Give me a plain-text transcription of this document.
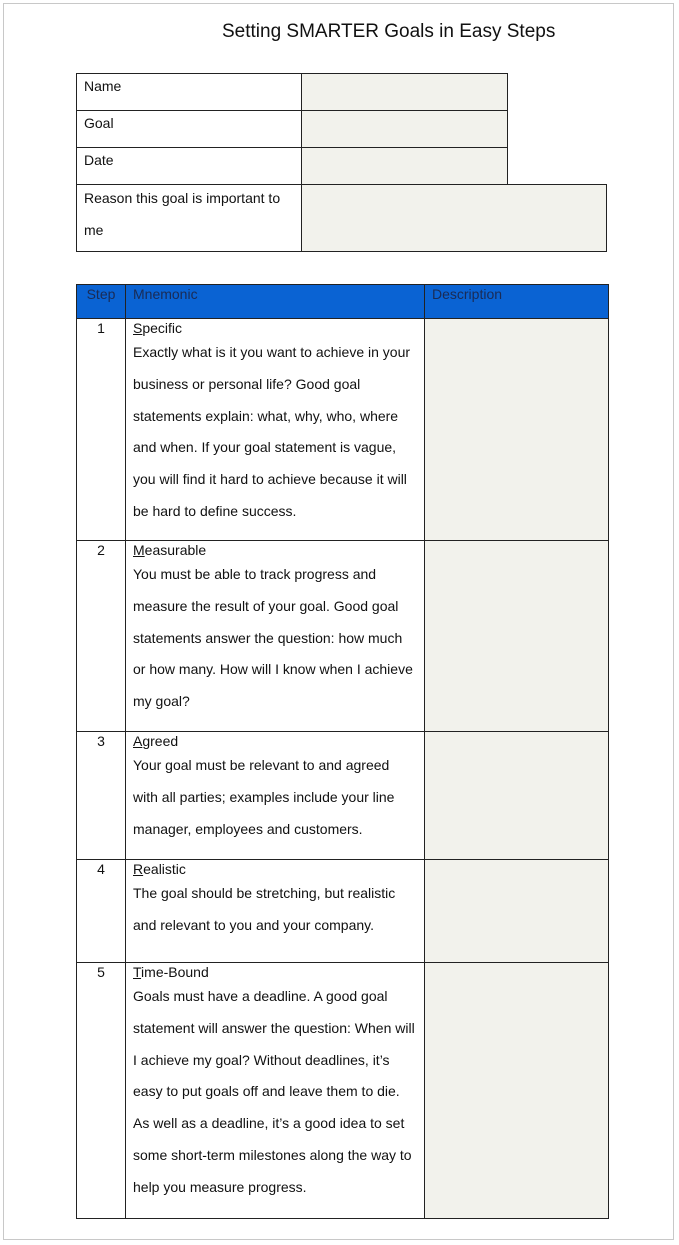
Setting SMARTER Goals in Easy Steps
Name
Goal
Date
Reason this goal is important to
me
Step	Mnemonic	Description
1	Specific
Exactly what is it you want to achieve in your business or personal life? Good goal statements explain: what, why, who, where and when. If your goal statement is vague, you will find it hard to achieve because it will be hard to define success.	

2	Measurable
You must be able to track progress and measure the result of your goal. Good goal statements answer the question: how much or how many. How will I know when I achieve my goal?	

3	Agreed
Your goal must be relevant to and agreed with all parties; examples include your line manager, employees and customers.	

4	Realistic
The goal should be stretching, but realistic and relevant to you and your company.	

5	Time-Bound
Goals must have a deadline. A good goal statement will answer the question: When will I achieve my goal? Without deadlines, it’s easy to put goals off and leave them to die. As well as a deadline, it’s a good idea to set some short-term milestones along the way to help you measure progress.	
